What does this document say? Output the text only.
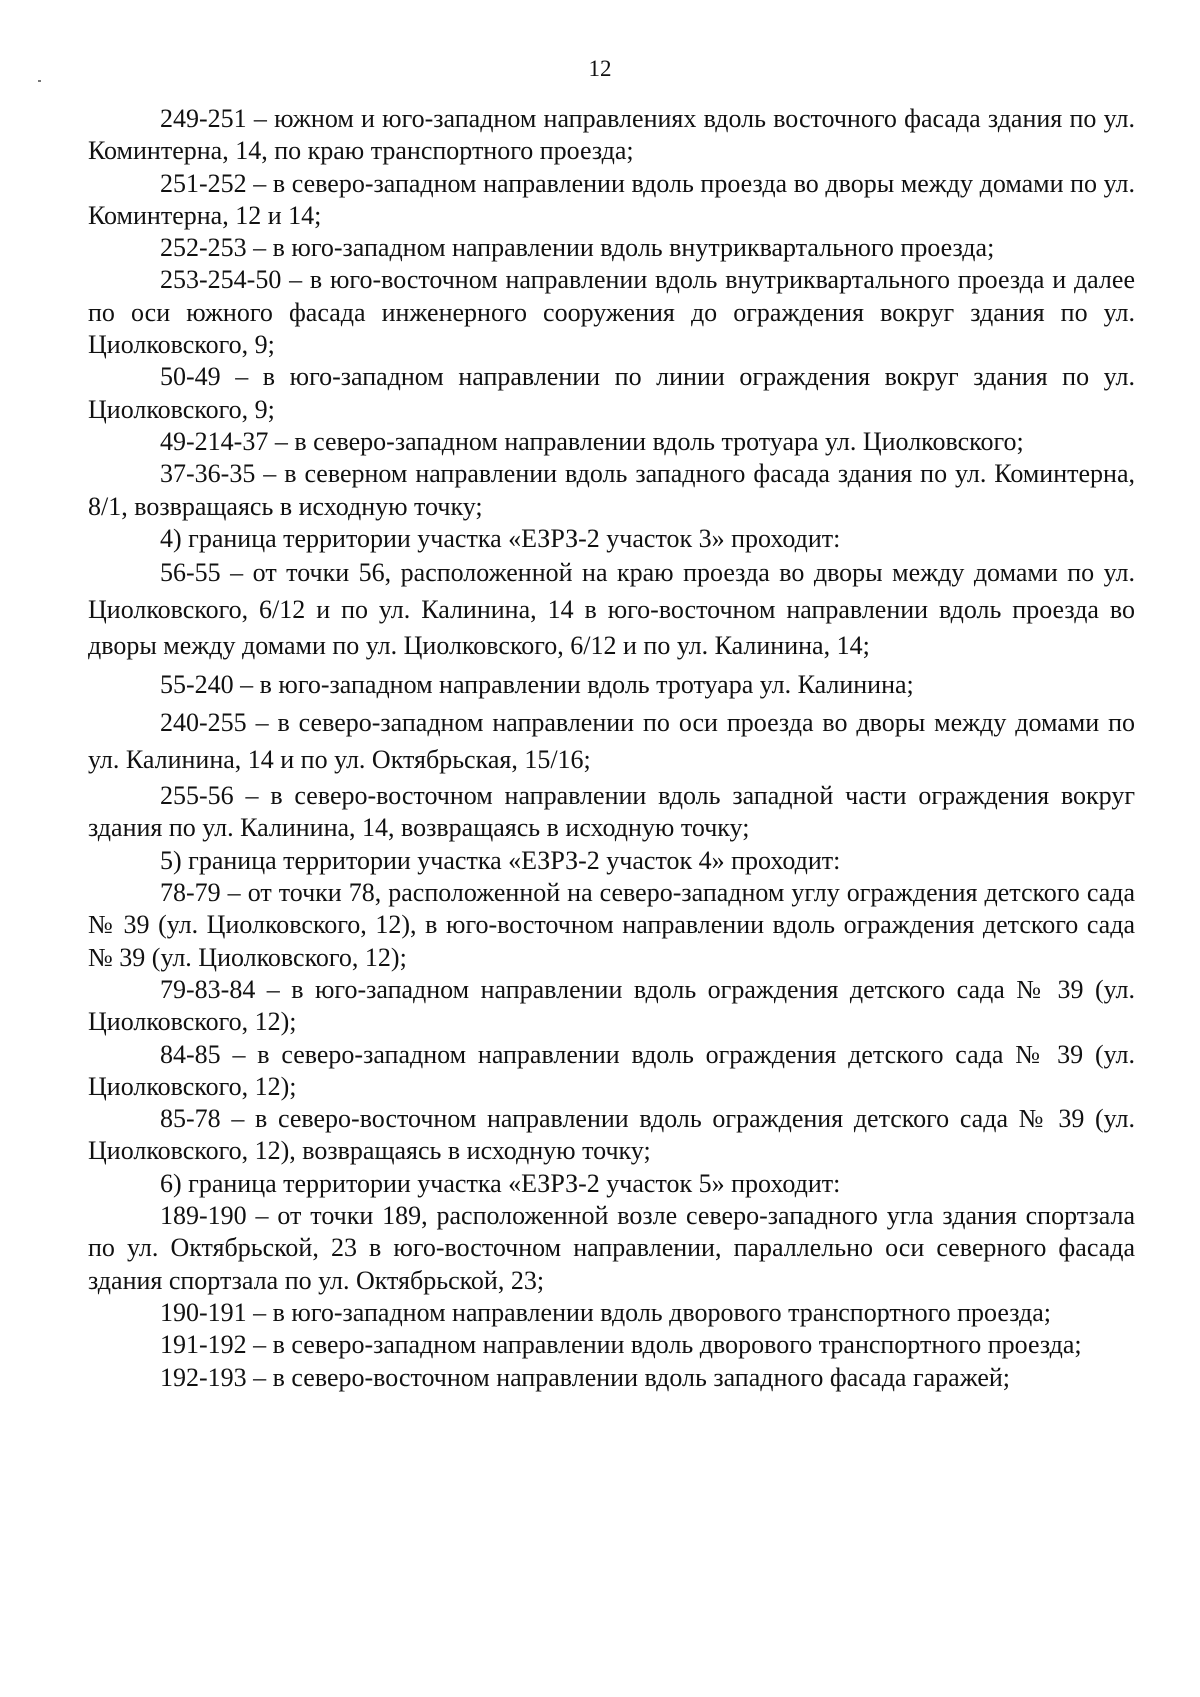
12

249-251 – южном и юго-западном направлениях вдоль восточного фасада здания по ул. Коминтерна, 14, по краю транспортного проезда;

251-252 – в северо-западном направлении вдоль проезда во дворы между домами по ул. Коминтерна, 12 и 14;

252-253 – в юго-западном направлении вдоль внутриквартального проезда;

253-254-50 – в юго-восточном направлении вдоль внутриквартального проезда и далее по оси южного фасада инженерного сооружения до ограждения вокруг здания по ул. Циолковского, 9;

50-49 – в юго-западном направлении по линии ограждения вокруг здания по ул. Циолковского, 9;

49-214-37 – в северо-западном направлении вдоль тротуара ул. Циолковского;

37-36-35 – в северном направлении вдоль западного фасада здания по ул. Коминтерна, 8/1, возвращаясь в исходную точку;

4) граница территории участка «ЕЗРЗ-2 участок 3» проходит:

56-55 – от точки 56, расположенной на краю проезда во дворы между домами по ул. Циолковского, 6/12 и по ул. Калинина, 14 в юго-восточном направлении вдоль проезда во дворы между домами по ул. Циолковского, 6/12 и по ул. Калинина, 14;

55-240 – в юго-западном направлении вдоль тротуара ул. Калинина;

240-255 – в северо-западном направлении по оси проезда во дворы между домами по ул. Калинина, 14 и по ул. Октябрьская, 15/16;

255-56 – в северо-восточном направлении вдоль западной части ограждения вокруг здания по ул. Калинина, 14, возвращаясь в исходную точку;

5) граница территории участка «ЕЗРЗ-2 участок 4» проходит:

78-79 – от точки 78, расположенной на северо-западном углу ограждения детского сада № 39 (ул. Циолковского, 12), в юго-восточном направлении вдоль ограждения детского сада № 39 (ул. Циолковского, 12);

79-83-84 – в юго-западном направлении вдоль ограждения детского сада № 39 (ул. Циолковского, 12);

84-85 – в северо-западном направлении вдоль ограждения детского сада № 39 (ул. Циолковского, 12);

85-78 – в северо-восточном направлении вдоль ограждения детского сада № 39 (ул. Циолковского, 12), возвращаясь в исходную точку;

6) граница территории участка «ЕЗРЗ-2 участок 5» проходит:

189-190 – от точки 189, расположенной возле северо-западного угла здания спортзала по ул. Октябрьской, 23 в юго-восточном направлении, параллельно оси северного фасада здания спортзала по ул. Октябрьской, 23;

190-191 – в юго-западном направлении вдоль дворового транспортного проезда;

191-192 – в северо-западном направлении вдоль дворового транспортного проезда;

192-193 – в северо-восточном направлении вдоль западного фасада гаражей;
